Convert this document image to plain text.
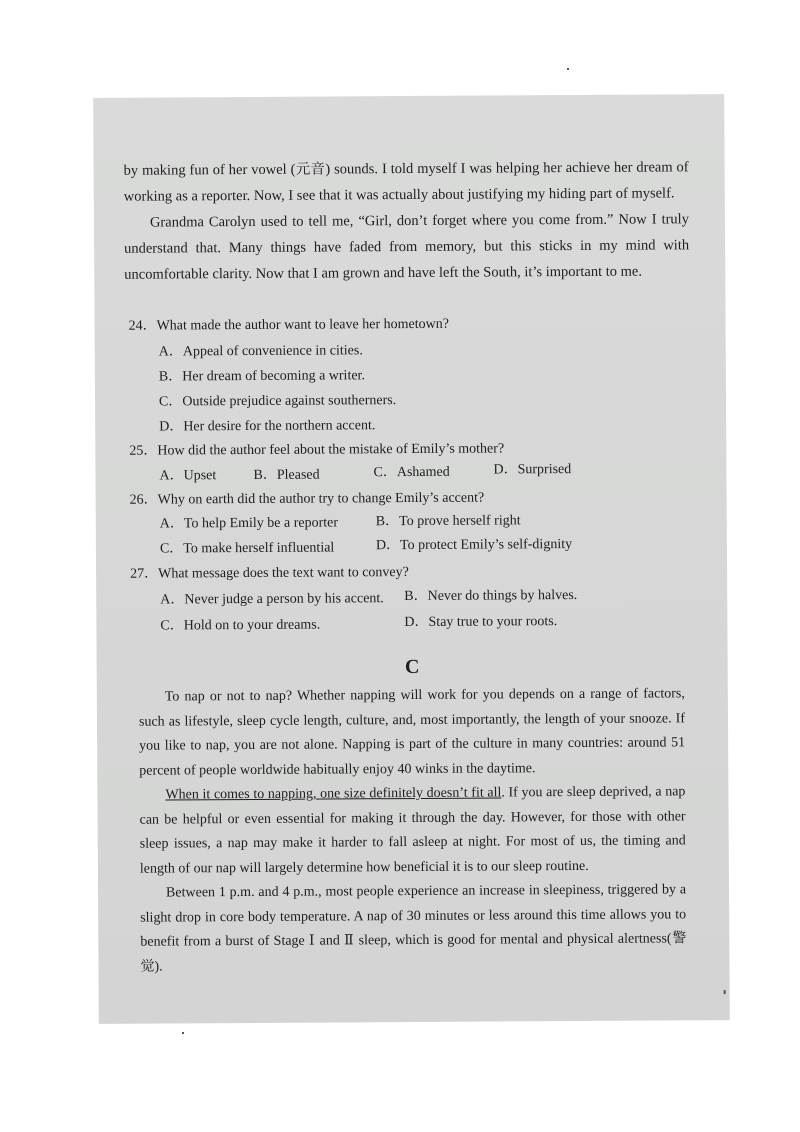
by making fun of her vowel (元音) sounds. I told myself I was helping her achieve her dream of working as a reporter. Now, I see that it was actually about justifying my hiding part of myself.

Grandma Carolyn used to tell me, “Girl, don’t forget where you come from.” Now I truly understand that. Many things have faded from memory, but this sticks in my mind with uncomfortable clarity. Now that I am grown and have left the South, it’s important to me.

24．What made the author want to leave her hometown?
A．Appeal of convenience in cities.
B．Her dream of becoming a writer.
C．Outside prejudice against southerners.
D．Her desire for the northern accent.
25．How did the author feel about the mistake of Emily’s mother?
A．Upset	B．Pleased	C．Ashamed	D．Surprised
26．Why on earth did the author try to change Emily’s accent?
A．To help Emily be a reporter	B．To prove herself right
C．To make herself influential	D．To protect Emily’s self-dignity
27．What message does the text want to convey?
A．Never judge a person by his accent. B．Never do things by halves.
C．Hold on to your dreams.	D．Stay true to your roots.
C

To nap or not to nap? Whether napping will work for you depends on a range of factors, such as lifestyle, sleep cycle length, culture, and, most importantly, the length of your snooze. If you like to nap, you are not alone. Napping is part of the culture in many countries: around 51 percent of people worldwide habitually enjoy 40 winks in the daytime.

When it comes to napping, one size definitely doesn’t fit all. If you are sleep deprived, a nap can be helpful or even essential for making it through the day. However, for those with other sleep issues, a nap may make it harder to fall asleep at night. For most of us, the timing and length of our nap will largely determine how beneficial it is to our sleep routine.

Between 1 p.m. and 4 p.m., most people experience an increase in sleepiness, triggered by a slight drop in core body temperature. A nap of 30 minutes or less around this time allows you to benefit from a burst of Stage Ⅰ and Ⅱ sleep, which is good for mental and physical alertness(警觉).
